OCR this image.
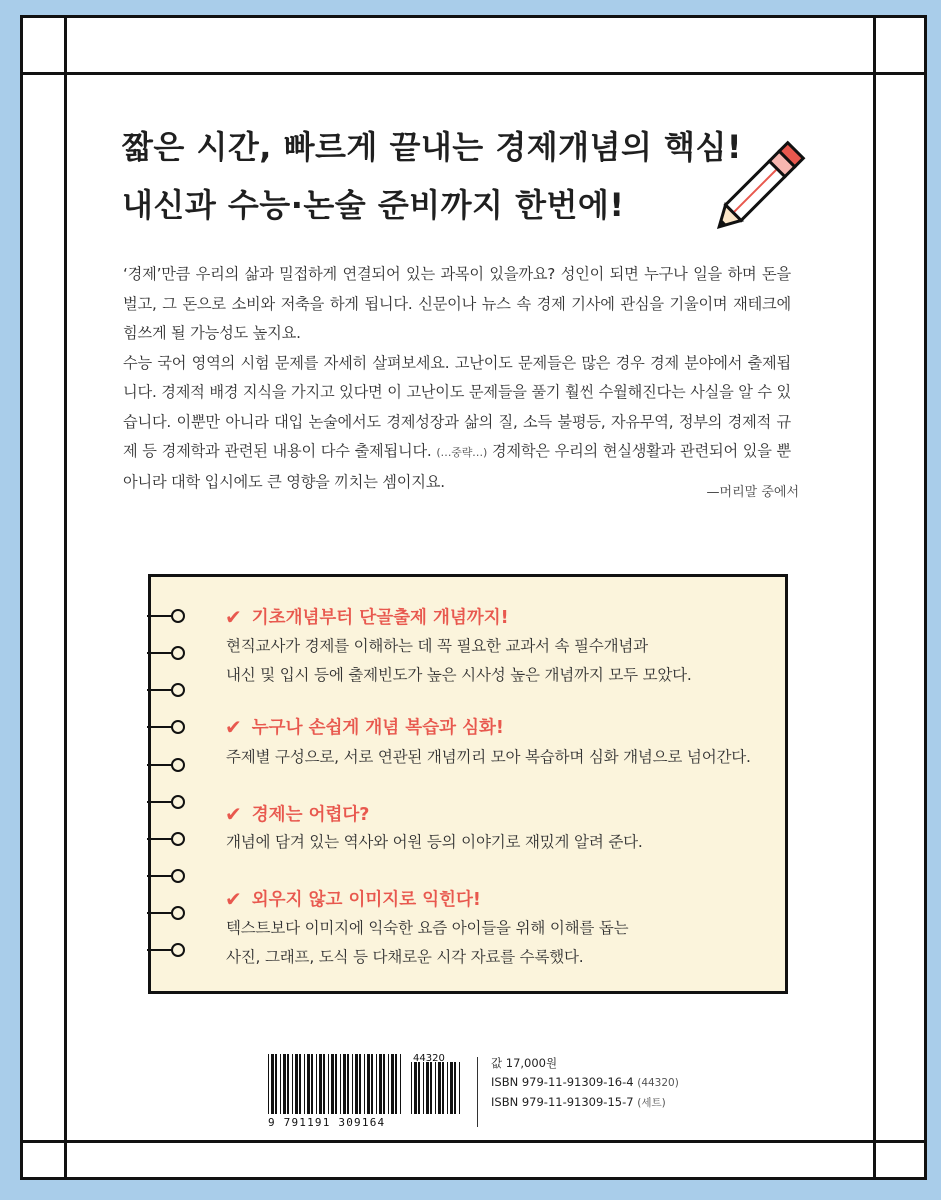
짧은 시간, 빠르게 끝내는 경제개념의 핵심!
내신과 수능·논술 준비까지 한번에!

‘경제’만큼 우리의 삶과 밀접하게 연결되어 있는 과목이 있을까요? 성인이 되면 누구나 일을 하며 돈을 벌고, 그 돈으로 소비와 저축을 하게 됩니다. 신문이나 뉴스 속 경제 기사에 관심을 기울이며 재테크에 힘쓰게 될 가능성도 높지요.

수능 국어 영역의 시험 문제를 자세히 살펴보세요. 고난이도 문제들은 많은 경우 경제 분야에서 출제됩니다. 경제적 배경 지식을 가지고 있다면 이 고난이도 문제들을 풀기 훨씬 수월해진다는 사실을 알 수 있습니다. 이뿐만 아니라 대입 논술에서도 경제성장과 삶의 질, 소득 불평등, 자유무역, 정부의 경제적 규제 등 경제학과 관련된 내용이 다수 출제됩니다. (…중략…) 경제학은 우리의 현실생활과 관련되어 있을 뿐 아니라 대학 입시에도 큰 영향을 끼치는 셈이지요.

—머리말 중에서
✔ 기초개념부터 단골출제 개념까지!
현직교사가 경제를 이해하는 데 꼭 필요한 교과서 속 필수개념과
내신 및 입시 등에 출제빈도가 높은 시사성 높은 개념까지 모두 모았다.
✔ 누구나 손쉽게 개념 복습과 심화!
주제별 구성으로, 서로 연관된 개념끼리 모아 복습하며 심화 개념으로 넘어간다.
✔ 경제는 어렵다?
개념에 담겨 있는 역사와 어원 등의 이야기로 재밌게 알려 준다.
✔ 외우지 않고 이미지로 익힌다!
텍스트보다 이미지에 익숙한 요즘 아이들을 위해 이해를 돕는
사진, 그래프, 도식 등 다채로운 시각 자료를 수록했다.
44320
9 791191 309164
값 17,000원
ISBN 979-11-91309-16-4 (44320)
ISBN 979-11-91309-15-7 (세트)
